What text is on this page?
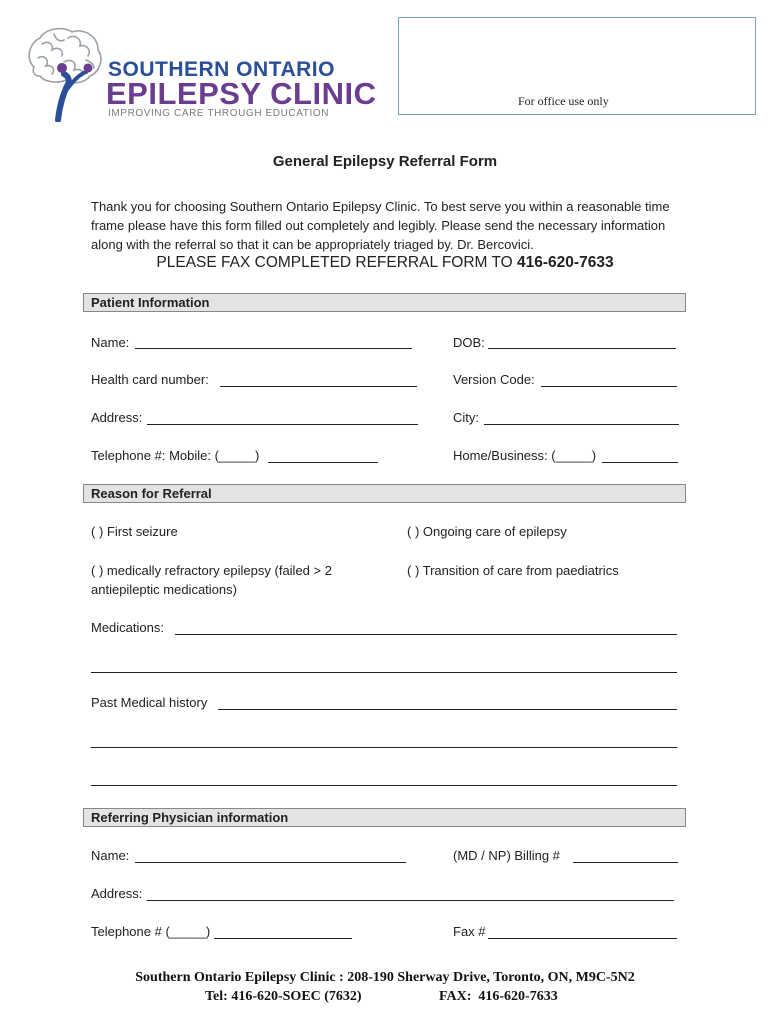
SOUTHERN ONTARIO
EPILEPSY CLINIC
IMPROVING CARE THROUGH EDUCATION
For office use only
General Epilepsy Referral Form
Thank you for choosing Southern Ontario Epilepsy Clinic. To best serve you within a reasonable time frame please have this form filled out completely and legibly. Please send the necessary information along with the referral so that it can be appropriately triaged by. Dr. Bercovici.
PLEASE FAX COMPLETED REFERRAL FORM TO 416-620-7633
Patient Information
Name:	DOB:
Health card number:	Version Code:
Address:	City:
Telephone #: Mobile: (_____)	Home/Business: (_____)
Reason for Referral
( ) First seizure	( ) Ongoing care of epilepsy
( ) medically refractory epilepsy (failed > 2
antiepileptic medications)
( ) Transition of care from paediatrics
Medications:
Past Medical history
Referring Physician information
Name:	(MD / NP) Billing #
Address:
Telephone # (_____)	Fax #
Southern Ontario Epilepsy Clinic : 208-190 Sherway Drive, Toronto, ON, M9C-5N2
Tel: 416-620-SOEC (7632)	FAX:  416-620-7633
